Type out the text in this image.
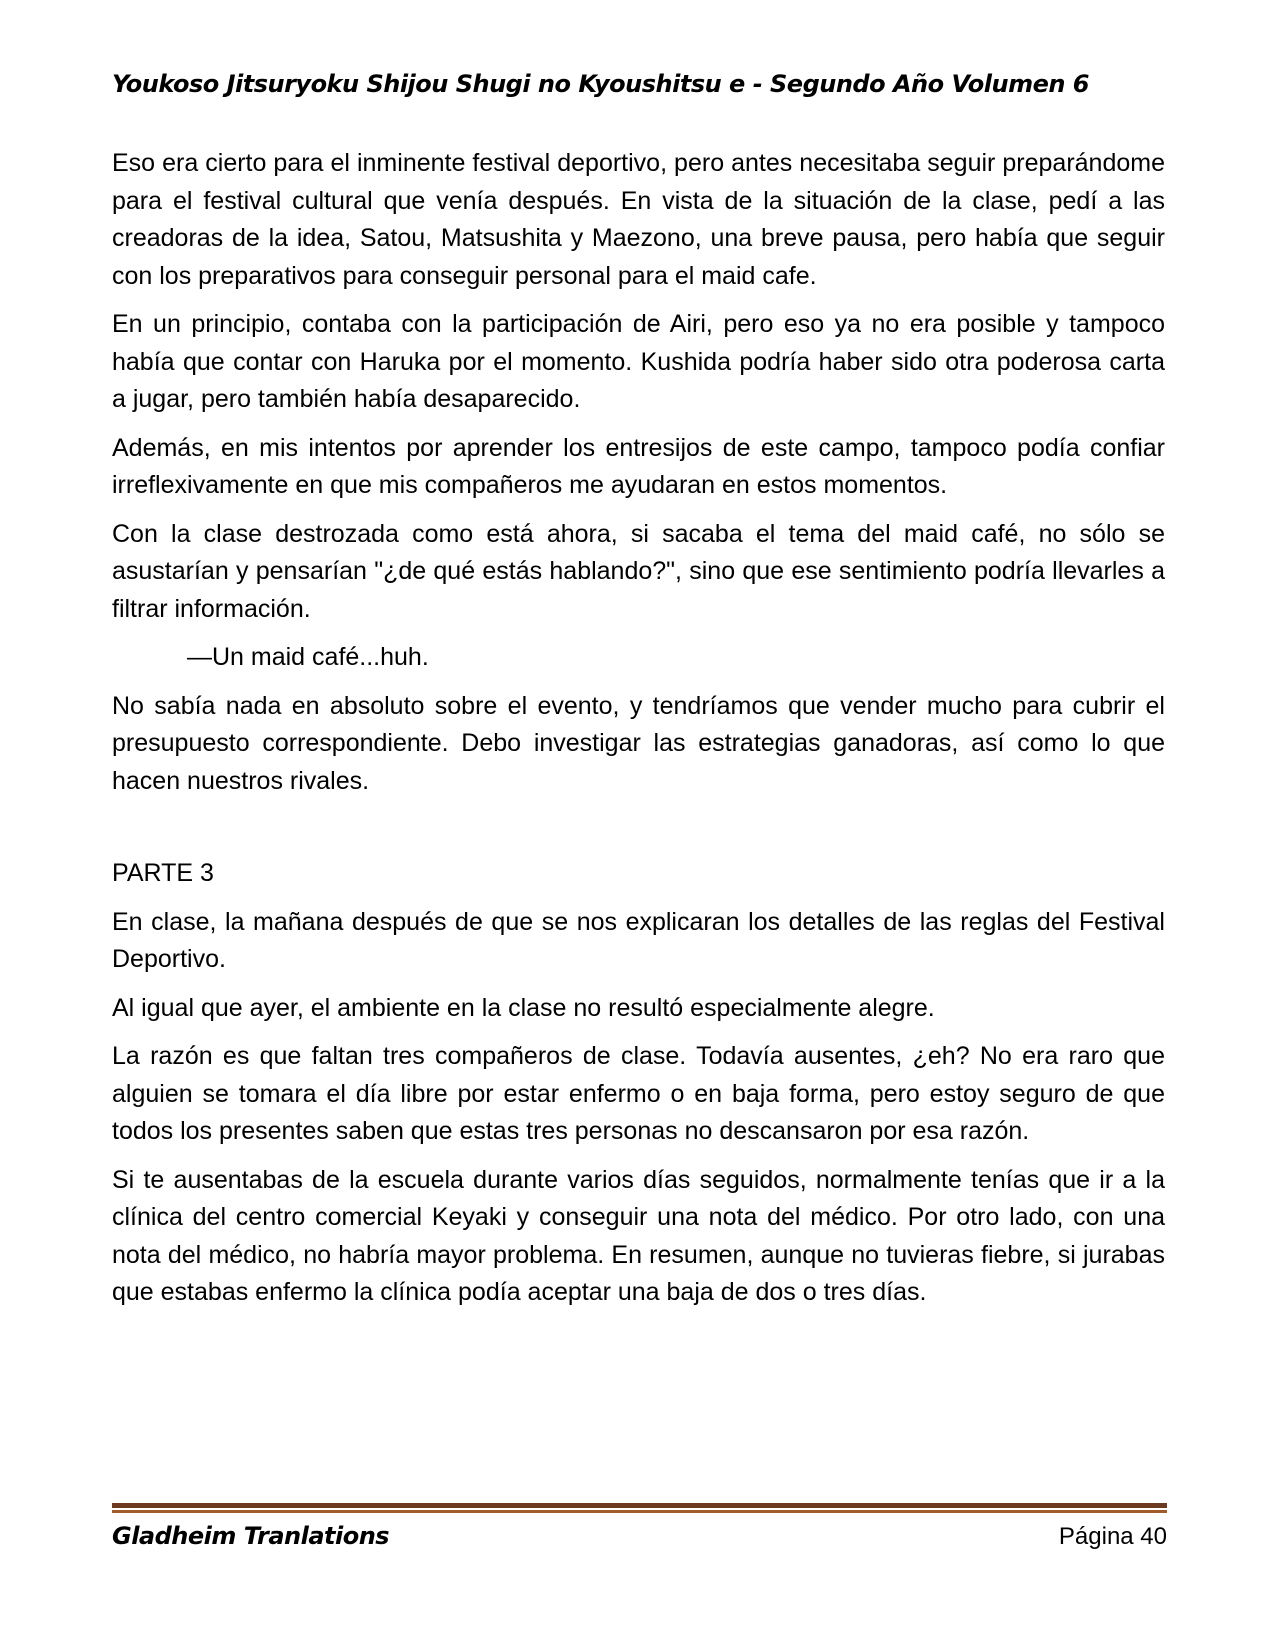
Youkoso Jitsuryoku Shijou Shugi no Kyoushitsu e - Segundo Año Volumen 6

Eso era cierto para el inminente festival deportivo, pero antes necesitaba seguir preparándome para el festival cultural que venía después. En vista de la situación de la clase, pedí a las creadoras de la idea, Satou, Matsushita y Maezono, una breve pausa, pero había que seguir con los preparativos para conseguir personal para el maid cafe.

En un principio, contaba con la participación de Airi, pero eso ya no era posible y tampoco había que contar con Haruka por el momento. Kushida podría haber sido otra poderosa carta a jugar, pero también había desaparecido.

Además, en mis intentos por aprender los entresijos de este campo, tampoco podía confiar irreflexivamente en que mis compañeros me ayudaran en estos momentos.

Con la clase destrozada como está ahora, si sacaba el tema del maid café, no sólo se asustarían y pensarían "¿de qué estás hablando?", sino que ese sentimiento podría llevarles a filtrar información.

—Un maid café...huh.

No sabía nada en absoluto sobre el evento, y tendríamos que vender mucho para cubrir el presupuesto correspondiente. Debo investigar las estrategias ganadoras, así como lo que hacen nuestros rivales.

PARTE 3

En clase, la mañana después de que se nos explicaran los detalles de las reglas del Festival Deportivo.

Al igual que ayer, el ambiente en la clase no resultó especialmente alegre.

La razón es que faltan tres compañeros de clase. Todavía ausentes, ¿eh? No era raro que alguien se tomara el día libre por estar enfermo o en baja forma, pero estoy seguro de que todos los presentes saben que estas tres personas no descansaron por esa razón.

Si te ausentabas de la escuela durante varios días seguidos, normalmente tenías que ir a la clínica del centro comercial Keyaki y conseguir una nota del médico. Por otro lado, con una nota del médico, no habría mayor problema. En resumen, aunque no tuvieras fiebre, si jurabas que estabas enfermo la clínica podía aceptar una baja de dos o tres días.

Gladheim Tranlations	Página 40
